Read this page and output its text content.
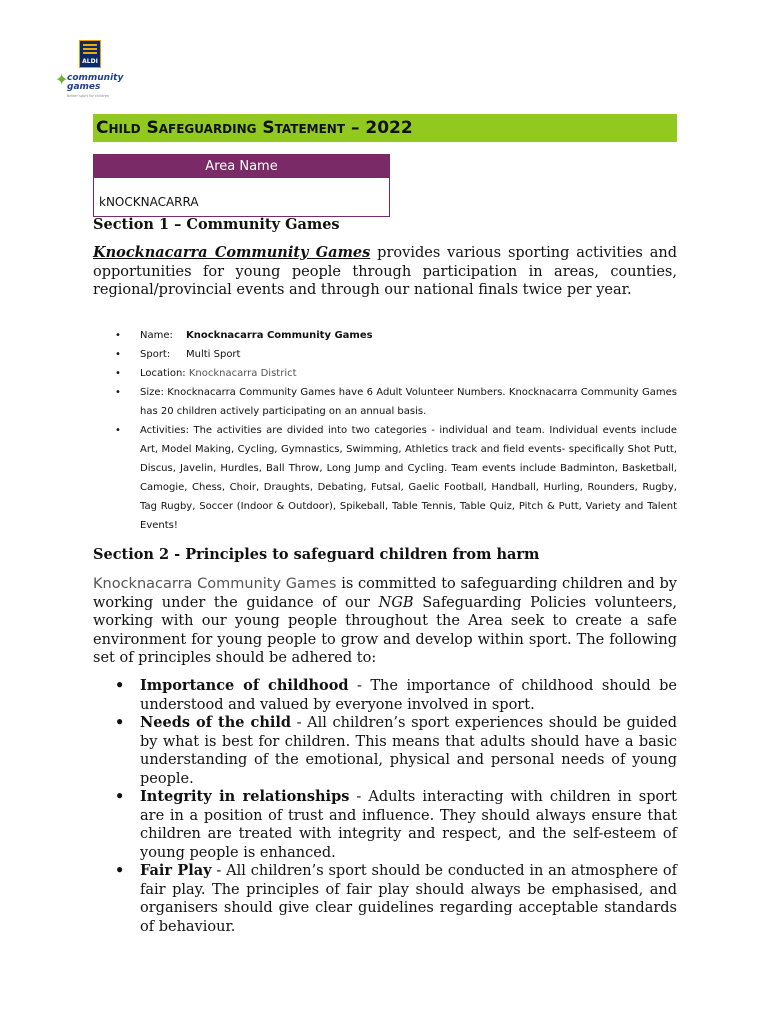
ALDI
✦
community games
Better sport for children
Child Safeguarding Statement – 2022
Area Name
kNOCKNACARRA
Section 1 – Community Games

Knocknacarra Community Games provides various sporting activities and opportunities for young people through participation in areas, counties, regional/provincial events and through our national finals twice per year.

• Name: Knocknacarra Community Games
• Sport: Multi Sport
• Location: Knocknacarra District
• Size: Knocknacarra Community Games have 6 Adult Volunteer Numbers. Knocknacarra Community Games has 20 children actively participating on an annual basis.
• Activities: The activities are divided into two categories - individual and team. Individual events include Art, Model Making, Cycling, Gymnastics, Swimming, Athletics track and field events- specifically Shot Putt, Discus, Javelin, Hurdles, Ball Throw, Long Jump and Cycling. Team events include Badminton, Basketball, Camogie, Chess, Choir, Draughts, Debating, Futsal, Gaelic Football, Handball, Hurling, Rounders, Rugby, Tag Rugby, Soccer (Indoor & Outdoor), Spikeball, Table Tennis, Table Quiz, Pitch & Putt, Variety and Talent Events!
Section 2 - Principles to safeguard children from harm

Knocknacarra Community Games is committed to safeguarding children and by working under the guidance of our NGB Safeguarding Policies volunteers, working with our young people throughout the Area seek to create a safe environment for young people to grow and develop within sport. The following set of principles should be adhered to:

• Importance of childhood - The importance of childhood should be understood and valued by everyone involved in sport.
• Needs of the child - All children’s sport experiences should be guided by what is best for children. This means that adults should have a basic understanding of the emotional, physical and personal needs of young people.
• Integrity in relationships - Adults interacting with children in sport are in a position of trust and influence. They should always ensure that children are treated with integrity and respect, and the self-esteem of young people is enhanced.
• Fair Play - All children’s sport should be conducted in an atmosphere of fair play. The principles of fair play should always be emphasised, and organisers should give clear guidelines regarding acceptable standards of behaviour.
